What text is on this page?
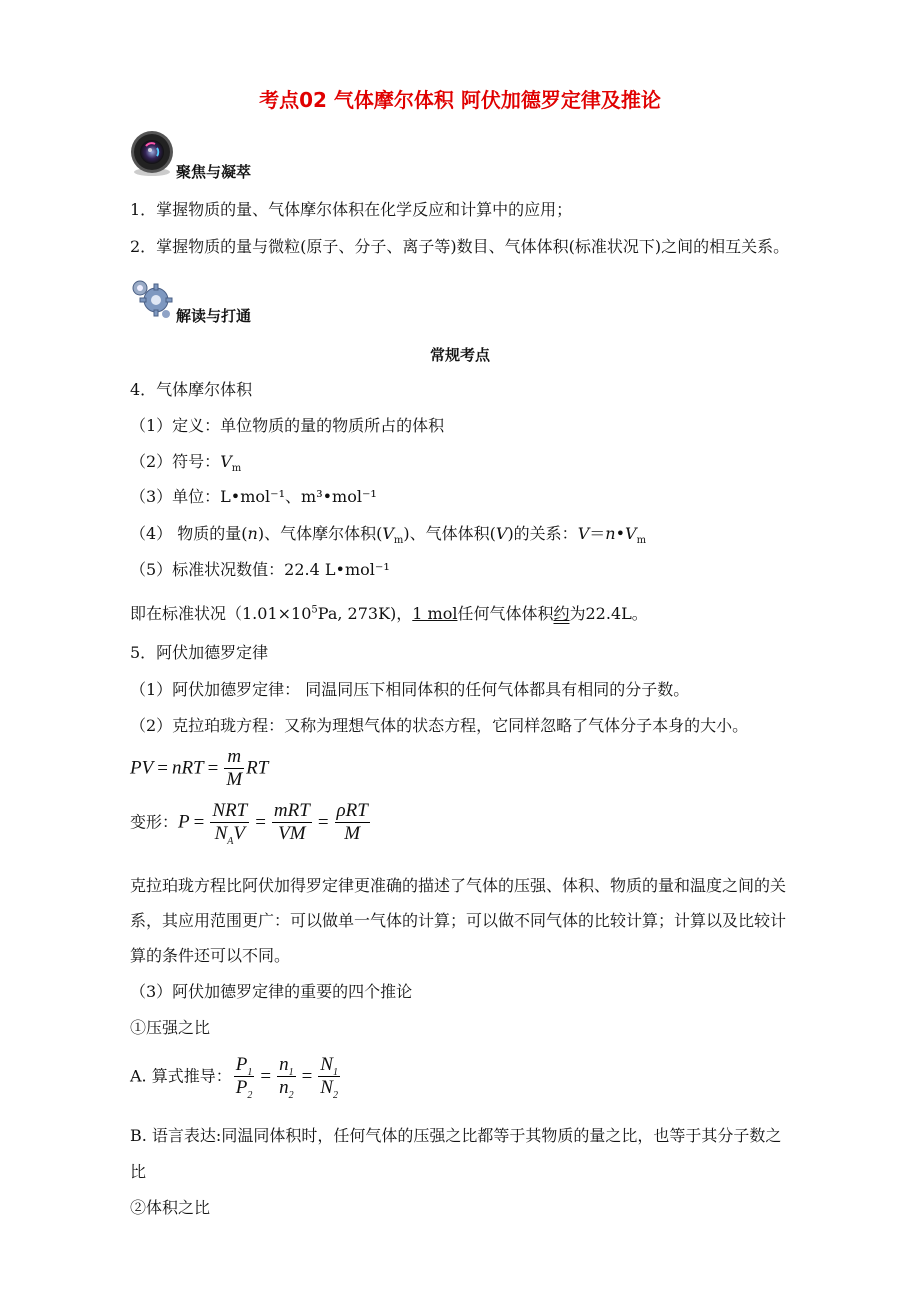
考点02 气体摩尔体积 阿伏加德罗定律及推论
聚焦与凝萃
1．掌握物质的量、气体摩尔体积在化学反应和计算中的应用；
2．掌握物质的量与微粒(原子、分子、离子等)数目、气体体积(标准状况下)之间的相互关系。
解读与打通
常规考点
4．气体摩尔体积
（1）定义：单位物质的量的物质所占的体积
（2）符号：$V_m$
（3）单位：L•mol⁻¹、m³•mol⁻¹
（4） 物质的量(n)、气体摩尔体积$(V_m)$、气体体积(V)的关系：$V=n•V_m$
（5）标准状况数值：22.4 L•mol⁻¹
即在标准状况（$1.01\times 10^5Pa$, 273K)，1 mol任何气体体积约为22.4L。
5．阿伏加德罗定律
（1）阿伏加德罗定律： 同温同压下相同体积的任何气体都具有相同的分子数。
（2）克拉珀珑方程：又称为理想气体的状态方程，它同样忽略了气体分子本身的大小。
PV = nRT = $\frac{m}{M}$ RT
变形：$P = \frac{\text{NRT}}{N_AV} = \frac{\text{mRT}}{VM} = \frac{\text{ρRT}}{M}$
克拉珀珑方程比阿伏加得罗定律更准确的描述了气体的压强、体积、物质的量和温度之间的关
系，其应用范围更广：可以做单一气体的计算；可以做不同气体的比较计算；计算以及比较计
算的条件还可以不同。
（3）阿伏加德罗定律的重要的四个推论
①压强之比
A. 算式推导： $\frac{P_1}{P_2} = \frac{n_1}{n_2} = \frac{N_1}{N_2}$
B. 语言表达:同温同体积时，任何气体的压强之比都等于其物质的量之比，也等于其分子数之
比
②体积之比
